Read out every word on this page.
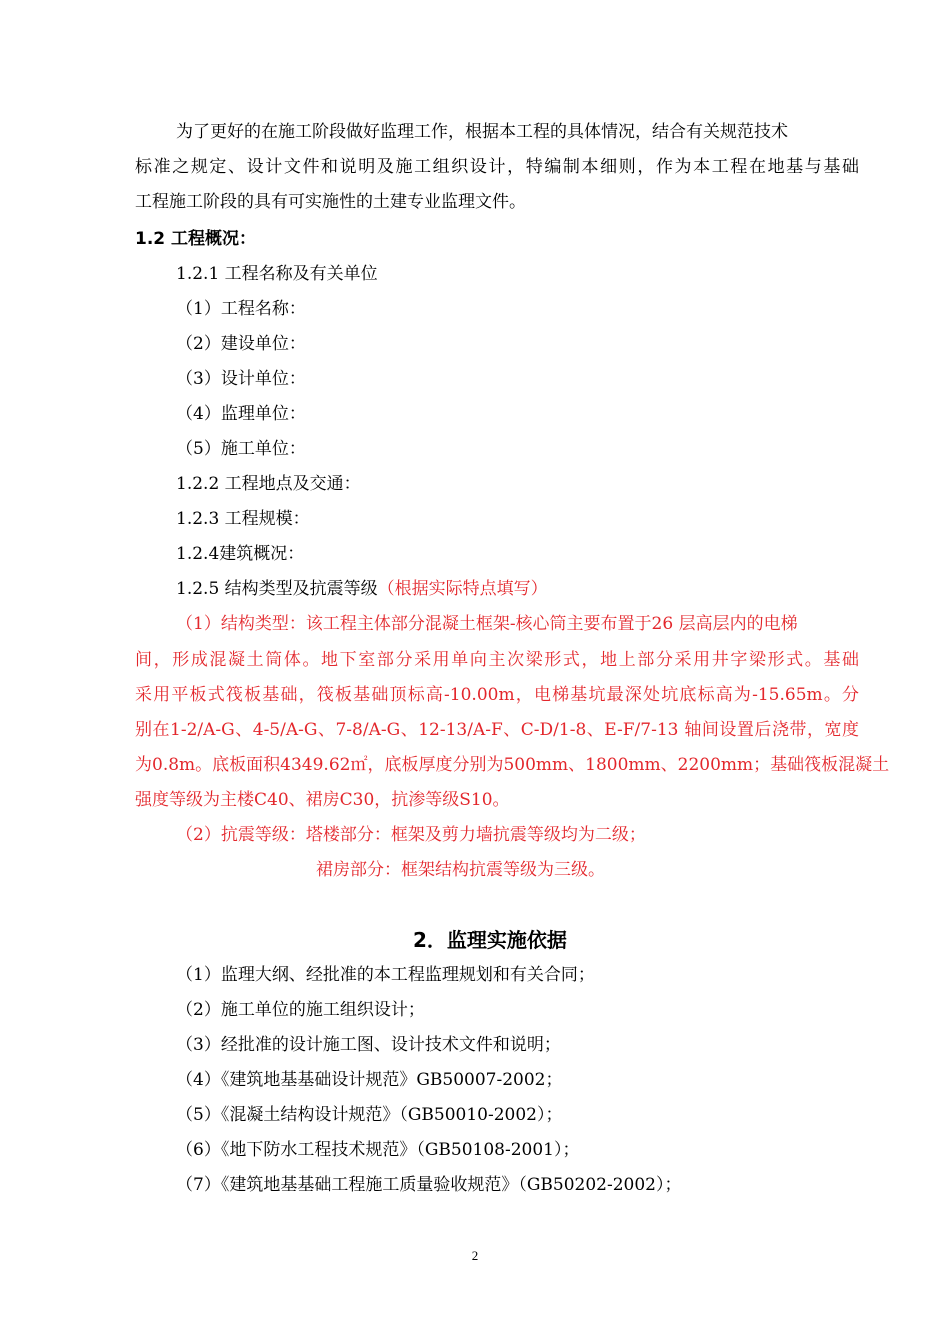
为了更好的在施工阶段做好监理工作，根据本工程的具体情况，结合有关规范技术
标准之规定、设计文件和说明及施工组织设计，特编制本细则，作为本工程在地基与基础
工程施工阶段的具有可实施性的土建专业监理文件。
1.2 工程概况：
1.2.1 工程名称及有关单位
（1）工程名称：
（2）建设单位：
（3）设计单位：
（4）监理单位：
（5）施工单位：
1.2.2 工程地点及交通：
1.2.3 工程规模：
1.2.4建筑概况：
1.2.5 结构类型及抗震等级（根据实际特点填写）
（1）结构类型：该工程主体部分混凝土框架-核心筒主要布置于26 层高层内的电梯
间，形成混凝土筒体。地下室部分采用单向主次梁形式，地上部分采用井字梁形式。基础
采用平板式筏板基础，筏板基础顶标高-10.00m，电梯基坑最深处坑底标高为-15.65m。分
别在1-2/A-G、4-5/A-G、7-8/A-G、12-13/A-F、C-D/1-8、E-F/7-13 轴间设置后浇带，宽度
为0.8m。底板面积4349.62㎡，底板厚度分别为500mm、1800mm、2200mm；基础筏板混凝土
强度等级为主楼C40、裙房C30，抗渗等级S10。
（2）抗震等级：塔楼部分：框架及剪力墙抗震等级均为二级；
裙房部分：框架结构抗震等级为三级。
2．监理实施依据
（1）监理大纲、经批准的本工程监理规划和有关合同；
（2）施工单位的施工组织设计；
（3）经批准的设计施工图、设计技术文件和说明；
（4）《建筑地基基础设计规范》GB50007-2002；
（5）《混凝土结构设计规范》（GB50010-2002）；
（6）《地下防水工程技术规范》（GB50108-2001）；
（7）《建筑地基基础工程施工质量验收规范》（GB50202-2002）；
2
